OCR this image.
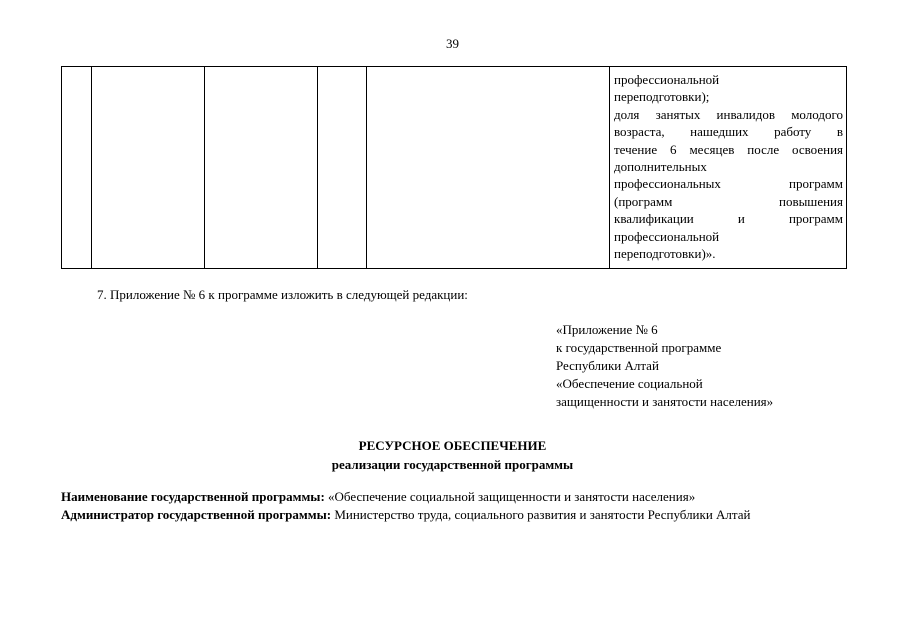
39

профессиональной
переподготовки);
доля занятых инвалидов молодого
возраста, нашедших работу в
течение 6 месяцев после освоения
дополнительных
профессиональных программ
(программ повышения
квалификации и программ
профессиональной
переподготовки)».
7. Приложение № 6 к программе изложить в следующей редакции:
«Приложение № 6
к государственной программе
Республики Алтай
«Обеспечение социальной
защищенности и занятости населения»
РЕСУРСНОЕ ОБЕСПЕЧЕНИЕ
реализации государственной программы
Наименование государственной программы: «Обеспечение социальной защищенности и занятости населения»
Администратор государственной программы: Министерство труда, социального развития и занятости Республики Алтай
